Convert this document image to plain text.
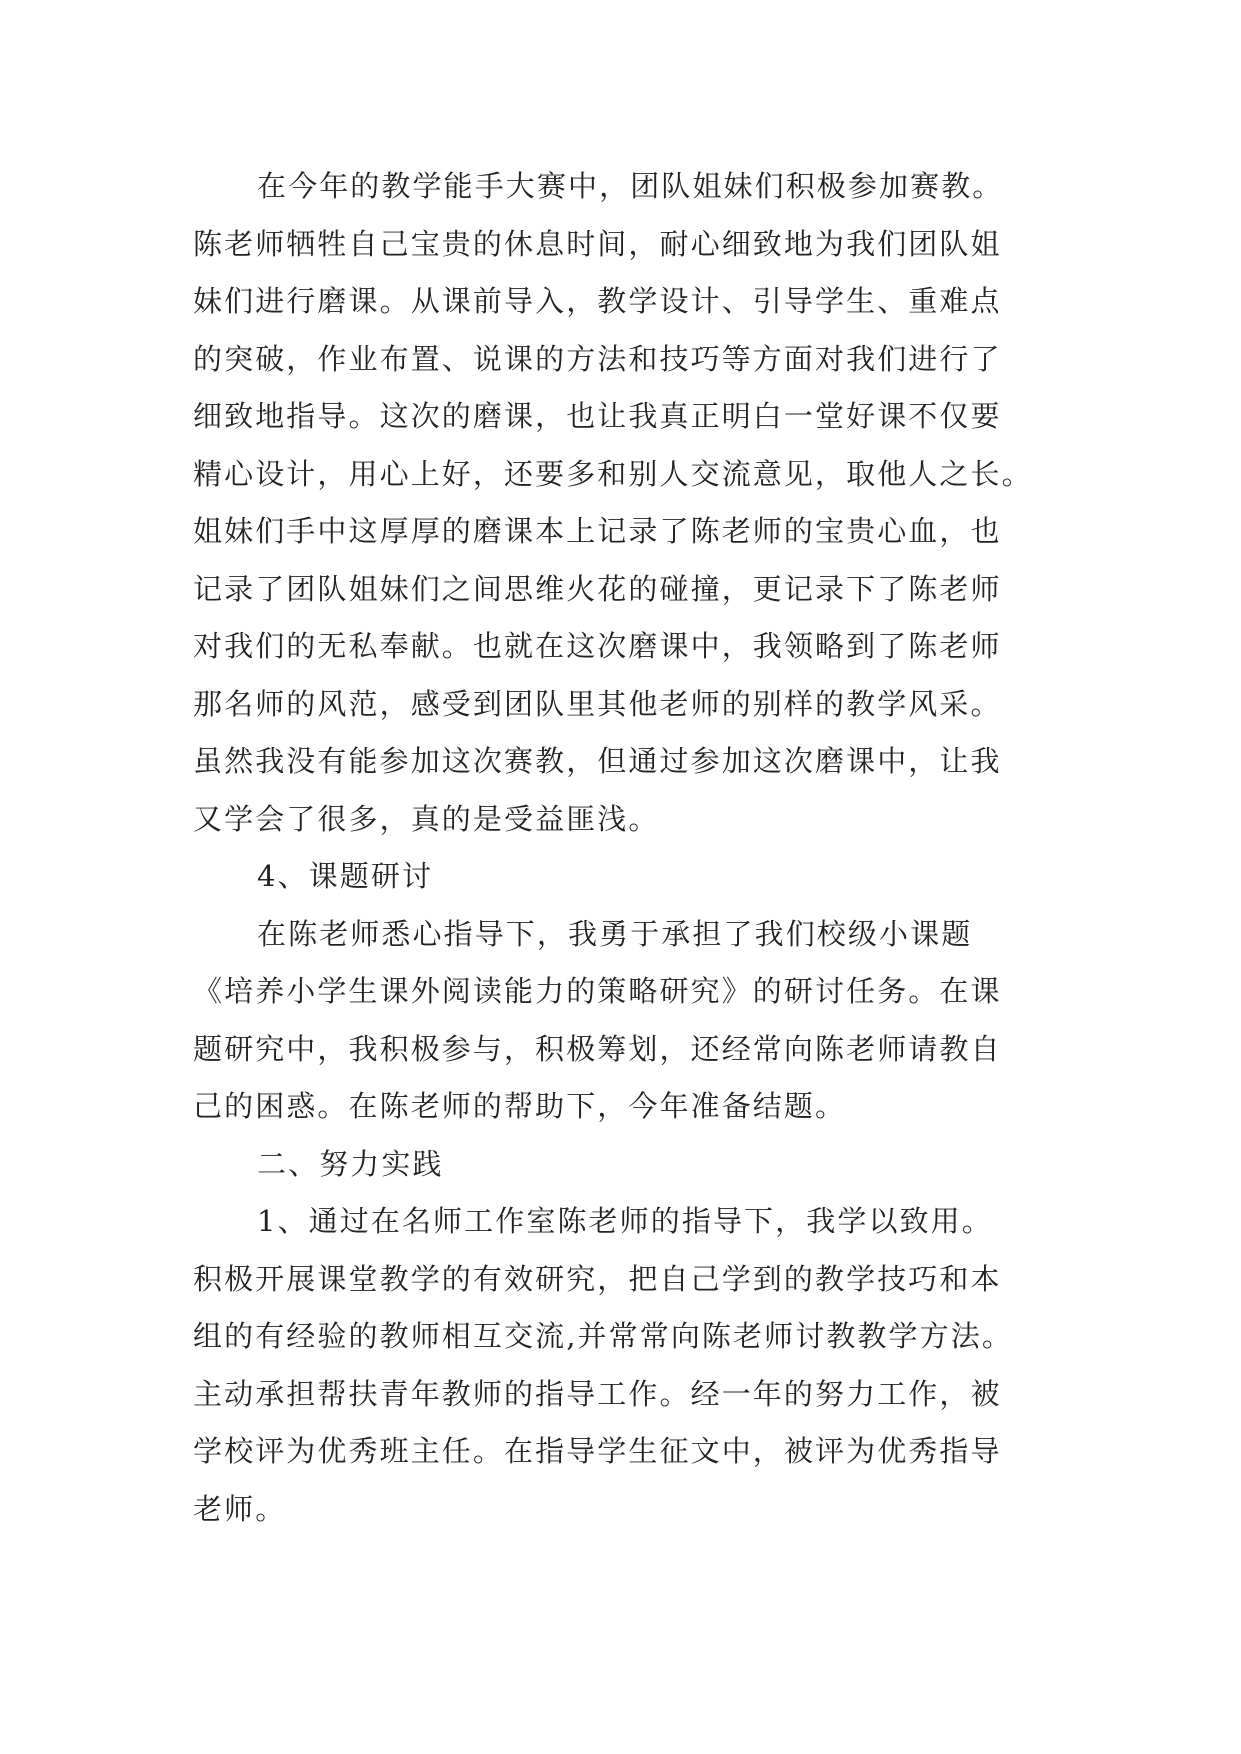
在今年的教学能手大赛中，团队姐妹们积极参加赛教。
陈老师牺牲自己宝贵的休息时间，耐心细致地为我们团队姐
妹们进行磨课。从课前导入，教学设计、引导学生、重难点
的突破，作业布置、说课的方法和技巧等方面对我们进行了
细致地指导。这次的磨课，也让我真正明白一堂好课不仅要
精心设计，用心上好，还要多和别人交流意见，取他人之长。
姐妹们手中这厚厚的磨课本上记录了陈老师的宝贵心血，也
记录了团队姐妹们之间思维火花的碰撞，更记录下了陈老师
对我们的无私奉献。也就在这次磨课中，我领略到了陈老师
那名师的风范，感受到团队里其他老师的别样的教学风采。
虽然我没有能参加这次赛教，但通过参加这次磨课中，让我
又学会了很多，真的是受益匪浅。
4、课题研讨
在陈老师悉心指导下，我勇于承担了我们校级小课题
《培养小学生课外阅读能力的策略研究》的研讨任务。在课
题研究中，我积极参与，积极筹划，还经常向陈老师请教自
己的困惑。在陈老师的帮助下，今年准备结题。
二、努力实践
1、通过在名师工作室陈老师的指导下，我学以致用。
积极开展课堂教学的有效研究，把自己学到的教学技巧和本
组的有经验的教师相互交流,并常常向陈老师讨教教学方法。
主动承担帮扶青年教师的指导工作。经一年的努力工作，被
学校评为优秀班主任。在指导学生征文中，被评为优秀指导
老师。
